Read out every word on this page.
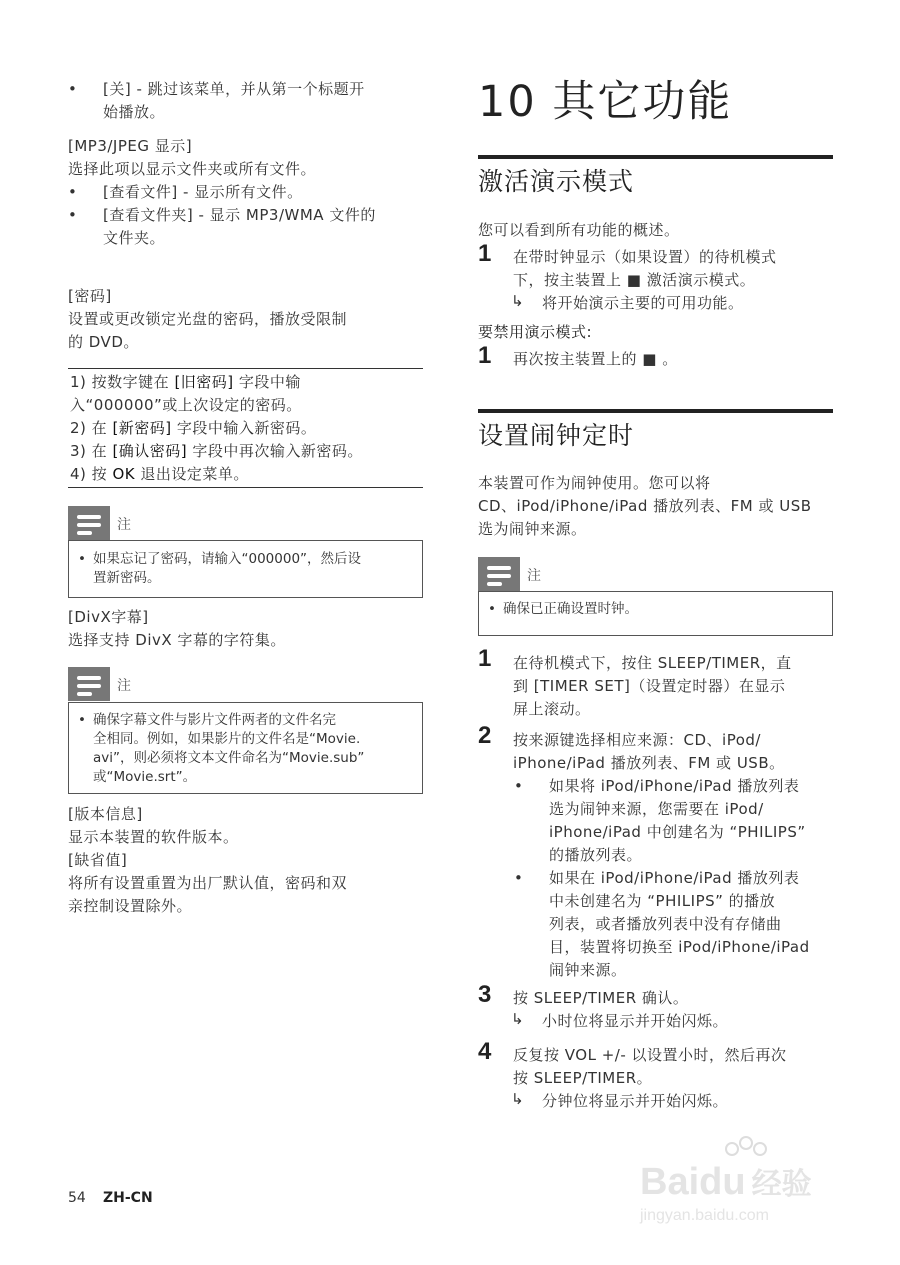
• [关] - 跳过该菜单，并从第一个标题开
始播放。
[MP3/JPEG 显示]
选择此项以显示文件夹或所有文件。
• [查看文件] - 显示所有文件。
• [查看文件夹] - 显示 MP3/WMA 文件的
文件夹。
[密码]
设置或更改锁定光盘的密码，播放受限制
的 DVD。
1) 按数字键在 [旧密码] 字段中输
入“000000”或上次设定的密码。
2) 在 [新密码] 字段中输入新密码。
3) 在 [确认密码] 字段中再次输入新密码。
4) 按 OK 退出设定菜单。
注
• 如果忘记了密码，请输入“000000”，然后设
置新密码。
[DivX字幕]
选择支持 DivX 字幕的字符集。
注
• 确保字幕文件与影片文件两者的文件名完
全相同。例如，如果影片的文件名是“Movie.
avi”，则必须将文本文件命名为“Movie.sub”
或“Movie.srt”。
[版本信息]
显示本装置的软件版本。
[缺省值]
将所有设置重置为出厂默认值，密码和双
亲控制设置除外。
10 其它功能
激活演示模式
您可以看到所有功能的概述。
1 在带时钟显示（如果设置）的待机模式
下，按主装置上 ■ 激活演示模式。
↳ 将开始演示主要的可用功能。
要禁用演示模式:
1 再次按主装置上的 ■ 。
设置闹钟定时
本装置可作为闹钟使用。您可以将
CD、iPod/iPhone/iPad 播放列表、FM 或 USB
选为闹钟来源。
注
• 确保已正确设置时钟。
1 在待机模式下，按住 SLEEP/TIMER，直
到 [TIMER SET]（设置定时器）在显示
屏上滚动。
2 按来源键选择相应来源：CD、iPod/
iPhone/iPad 播放列表、FM 或 USB。
• 如果将 iPod/iPhone/iPad 播放列表
选为闹钟来源，您需要在 iPod/
iPhone/iPad 中创建名为 “PHILIPS”
的播放列表。
• 如果在 iPod/iPhone/iPad 播放列表
中未创建名为 “PHILIPS” 的播放
列表，或者播放列表中没有存储曲
目，装置将切换至 iPod/iPhone/iPad
闹钟来源。
3 按 SLEEP/TIMER 确认。
↳ 小时位将显示并开始闪烁。
4 反复按 VOL +/- 以设置小时，然后再次
按 SLEEP/TIMER。
↳ 分钟位将显示并开始闪烁。
54 ZH-CN	Baidu 经验
jingyan.baidu.com
